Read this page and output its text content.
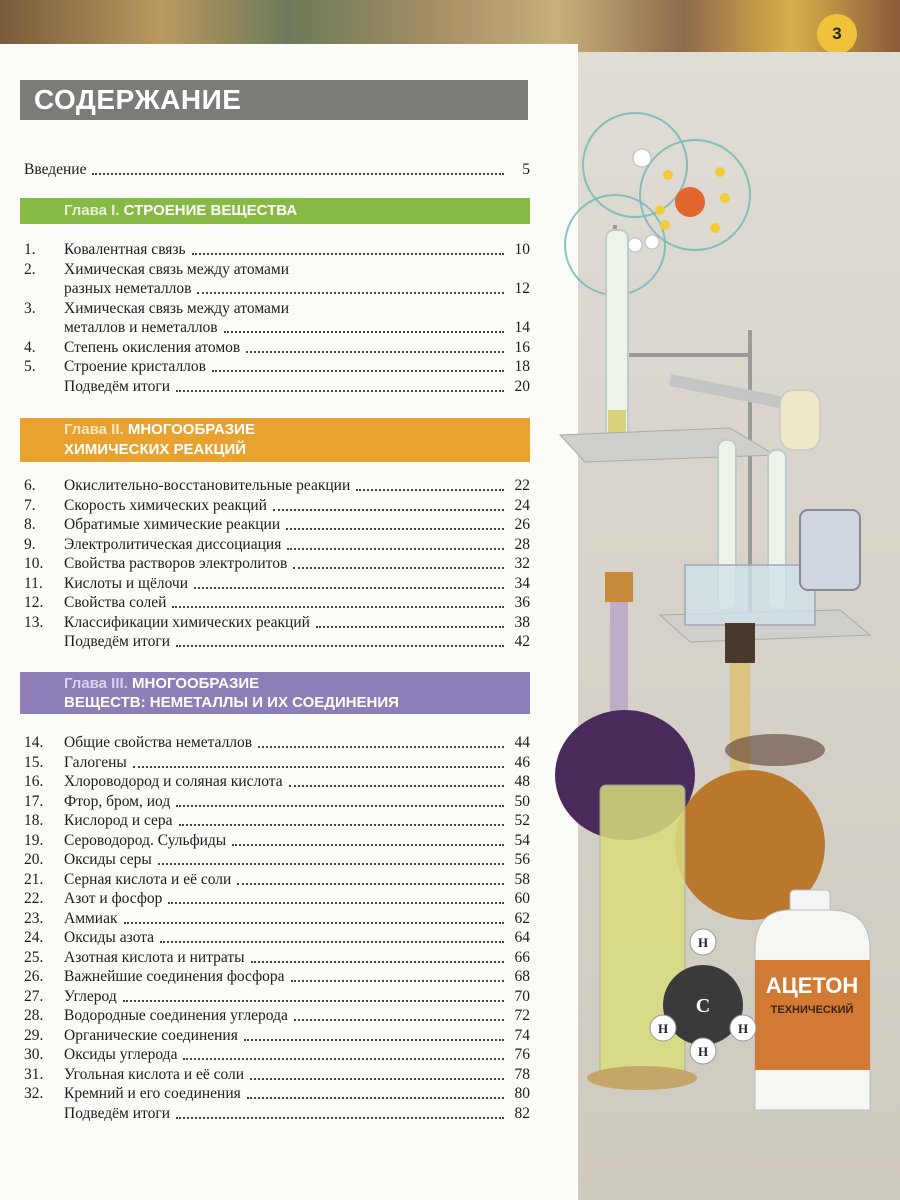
3
СОДЕРЖАНИЕ
Введение	5
Глава I. СТРОЕНИЕ ВЕЩЕСТВА
Глава II. МНОГООБРАЗИЕ
ХИМИЧЕСКИХ РЕАКЦИЙ
Глава III. МНОГООБРАЗИЕ
ВЕЩЕСТВ: НЕМЕТАЛЛЫ И ИХ СОЕДИНЕНИЯ
1.	Ковалентная связь	10
2.	Химическая связь между атомами
разных неметаллов	12
3.	Химическая связь между атомами
металлов и неметаллов	14
4.	Степень окисления атомов	16
5.	Строение кристаллов	18
Подведём итоги	20
6.	Окислительно-восстановительные реакции	22
7.	Скорость химических реакций	24
8.	Обратимые химические реакции	26
9.	Электролитическая диссоциация	28
10.	Свойства растворов электролитов	32
11.	Кислоты и щёлочи	34
12.	Свойства солей	36
13.	Классификации химических реакций	38
Подведём итоги	42
14.	Общие свойства неметаллов	44
15.	Галогены	46
16.	Хлороводород и соляная кислота	48
17.	Фтор, бром, иод	50
18.	Кислород и сера	52
19.	Сероводород. Сульфиды	54
20.	Оксиды серы	56
21.	Серная кислота и её соли	58
22.	Азот и фосфор	60
23.	Аммиак	62
24.	Оксиды азота	64
25.	Азотная кислота и нитраты	66
26.	Важнейшие соединения фосфора	68
27.	Углерод	70
28.	Водородные соединения углерода	72
29.	Органические соединения	74
30.	Оксиды углерода	76
31.	Угольная кислота и её соли	78
32.	Кремний и его соединения	80
Подведём итоги	82
АЦЕТОН
ТЕХНИЧЕСКИЙ
C
H
H
H
H
